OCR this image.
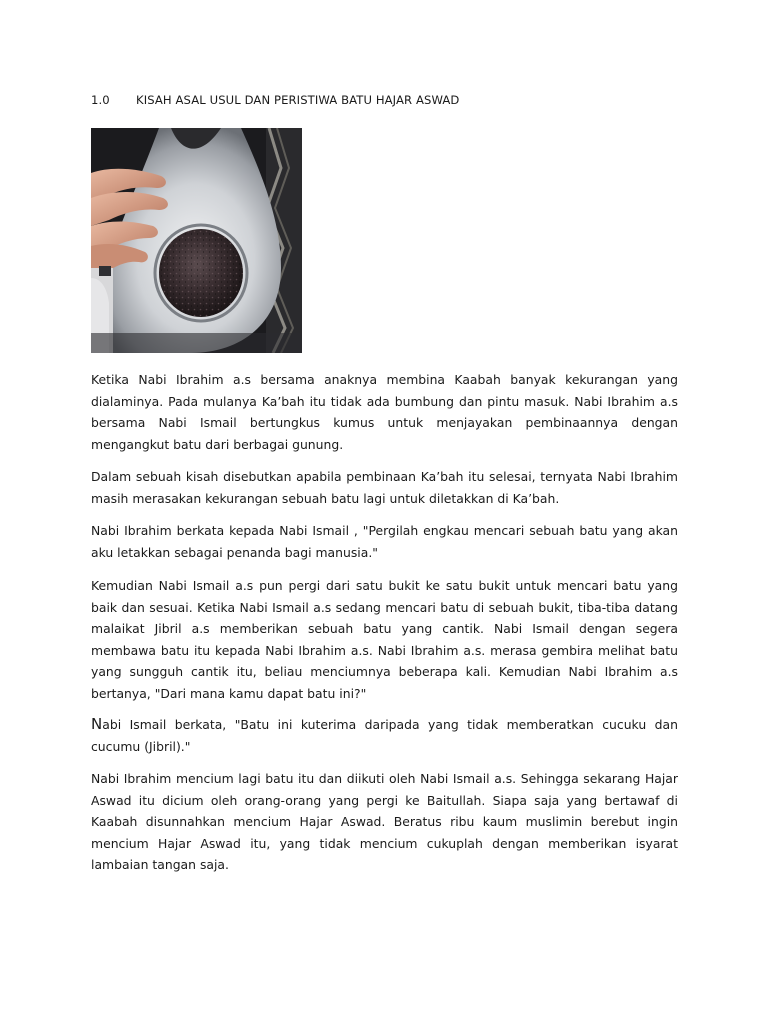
1.0 KISAH ASAL USUL DAN PERISTIWA BATU HAJAR ASWAD

Ketika Nabi Ibrahim a.s bersama anaknya membina Kaabah banyak kekurangan yang dialaminya. Pada mulanya Ka’bah itu tidak ada bumbung dan pintu masuk. Nabi Ibrahim a.s bersama Nabi Ismail bertungkus kumus untuk menjayakan pembinaannya dengan mengangkut batu dari berbagai gunung.

Dalam sebuah kisah disebutkan apabila pembinaan Ka’bah itu selesai, ternyata Nabi Ibrahim masih merasakan kekurangan sebuah batu lagi untuk diletakkan di Ka’bah.

Nabi Ibrahim berkata kepada Nabi Ismail , "Pergilah engkau mencari sebuah batu yang akan aku letakkan sebagai penanda bagi manusia."

Kemudian Nabi Ismail a.s pun pergi dari satu bukit ke satu bukit untuk mencari batu yang baik dan sesuai. Ketika Nabi Ismail a.s sedang mencari batu di sebuah bukit, tiba-tiba datang malaikat Jibril a.s memberikan sebuah batu yang cantik. Nabi Ismail dengan segera membawa batu itu kepada Nabi Ibrahim a.s. Nabi Ibrahim a.s. merasa gembira melihat batu yang sungguh cantik itu, beliau menciumnya beberapa kali. Kemudian Nabi Ibrahim a.s bertanya, "Dari mana kamu dapat batu ini?"

Nabi Ismail berkata, "Batu ini kuterima daripada yang tidak memberatkan cucuku dan cucumu (Jibril)."

Nabi Ibrahim mencium lagi batu itu dan diikuti oleh Nabi Ismail a.s. Sehingga sekarang Hajar Aswad itu dicium oleh orang-orang yang pergi ke Baitullah. Siapa saja yang bertawaf di Kaabah disunnahkan mencium Hajar Aswad. Beratus ribu kaum muslimin berebut ingin mencium Hajar Aswad itu, yang tidak mencium cukuplah dengan memberikan isyarat lambaian tangan saja.
